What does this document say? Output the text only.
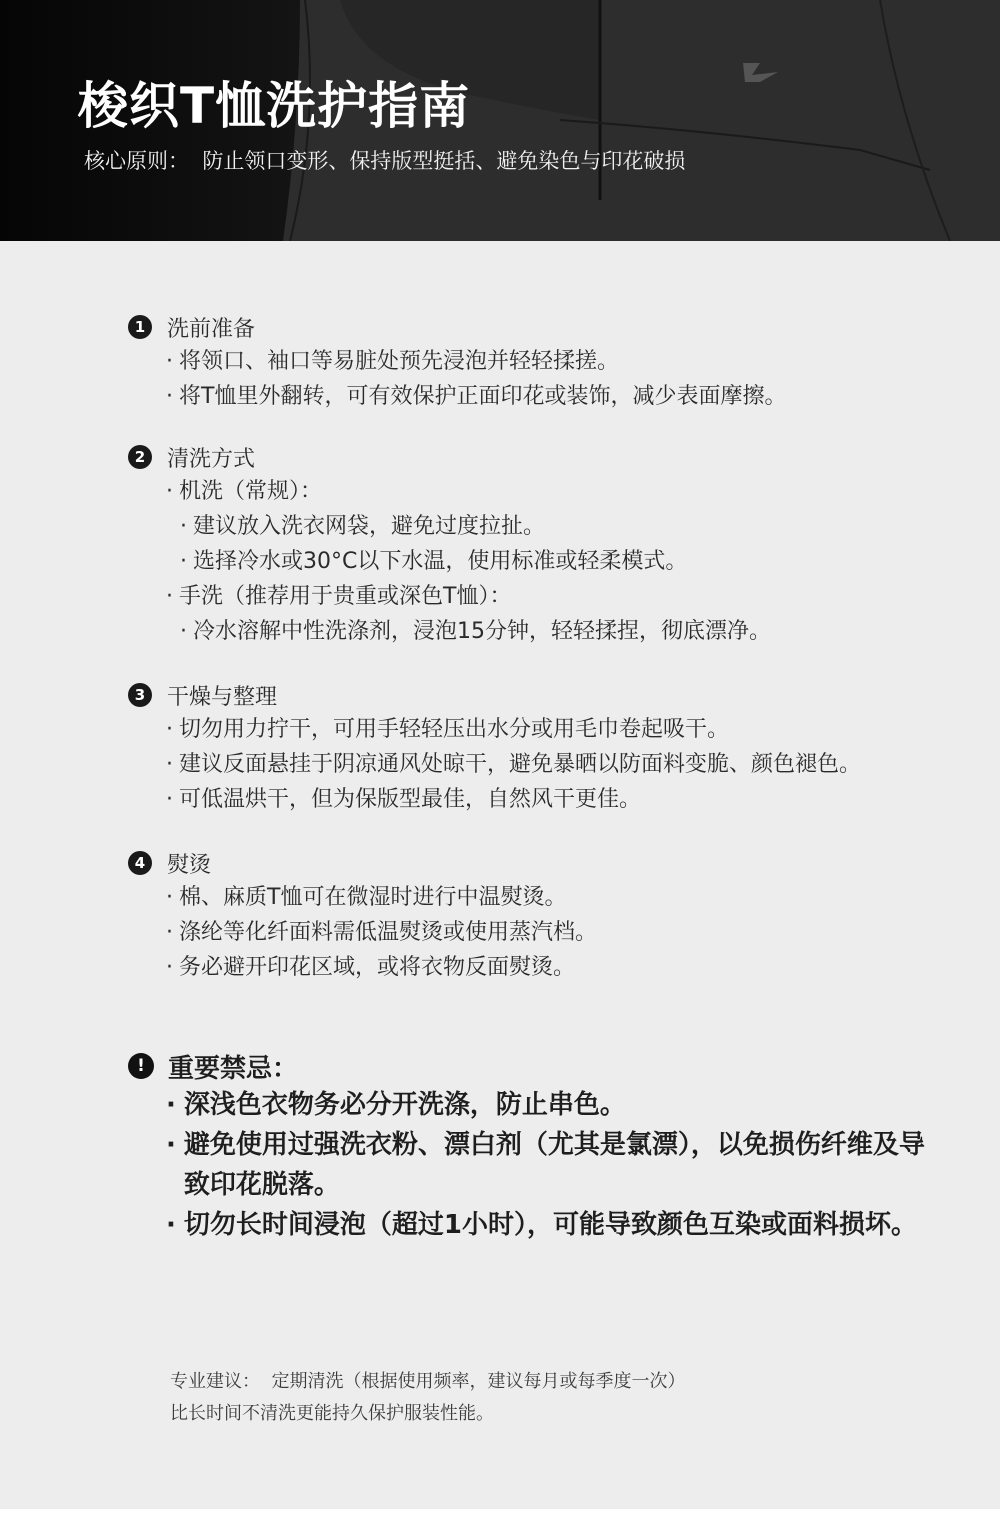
梭织T恤洗护指南
核心原则：  防止领口变形、保持版型挺括、避免染色与印花破损
1 洗前准备
· 将领口、袖口等易脏处预先浸泡并轻轻揉搓。
· 将T恤里外翻转，可有效保护正面印花或装饰，减少表面摩擦。
2 清洗方式
· 机洗（常规）：
· 建议放入洗衣网袋，避免过度拉扯。
· 选择冷水或30°C以下水温，使用标准或轻柔模式。
· 手洗（推荐用于贵重或深色T恤）：
· 冷水溶解中性洗涤剂，浸泡15分钟，轻轻揉捏，彻底漂净。
3 干燥与整理
· 切勿用力拧干，可用手轻轻压出水分或用毛巾卷起吸干。
· 建议反面悬挂于阴凉通风处晾干，避免暴晒以防面料变脆、颜色褪色。
· 可低温烘干，但为保版型最佳，自然风干更佳。
4 熨烫
· 棉、麻质T恤可在微湿时进行中温熨烫。
· 涤纶等化纤面料需低温熨烫或使用蒸汽档。
· 务必避开印花区域，或将衣物反面熨烫。
! 重要禁忌：
· 深浅色衣物务必分开洗涤，防止串色。
· 避免使用过强洗衣粉、漂白剂（尤其是氯漂），以免损伤纤维及导致印花脱落。
· 切勿长时间浸泡（超过1小时），可能导致颜色互染或面料损坏。
专业建议：  定期清洗（根据使用频率，建议每月或每季度一次）
比长时间不清洗更能持久保护服装性能。
